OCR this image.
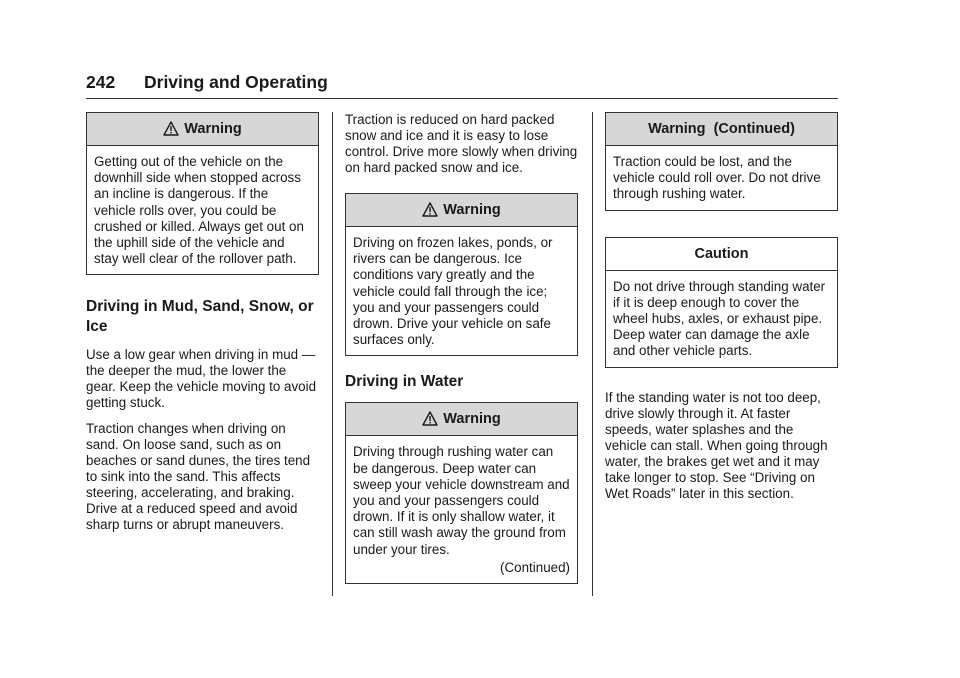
242 Driving and Operating
Warning

Getting out of the vehicle on the downhill side when stopped across an incline is dangerous. If the vehicle rolls over, you could be crushed or killed. Always get out on the uphill side of the vehicle and stay well clear of the rollover path.

Driving in Mud, Sand, Snow, or Ice

Use a low gear when driving in mud — the deeper the mud, the lower the gear. Keep the vehicle moving to avoid getting stuck.

Traction changes when driving on sand. On loose sand, such as on beaches or sand dunes, the tires tend to sink into the sand. This affects steering, accelerating, and braking. Drive at a reduced speed and avoid sharp turns or abrupt maneuvers.

Traction is reduced on hard packed snow and ice and it is easy to lose control. Drive more slowly when driving on hard packed snow and ice.

Warning

Driving on frozen lakes, ponds, or rivers can be dangerous. Ice conditions vary greatly and the vehicle could fall through the ice; you and your passengers could drown. Drive your vehicle on safe surfaces only.

Driving in Water
Warning

Driving through rushing water can be dangerous. Deep water can sweep your vehicle downstream and you and your passengers could drown. If it is only shallow water, it can still wash away the ground from under your tires.

(Continued)

Warning  (Continued)

Traction could be lost, and the vehicle could roll over. Do not drive through rushing water.

Caution

Do not drive through standing water if it is deep enough to cover the wheel hubs, axles, or exhaust pipe. Deep water can damage the axle and other vehicle parts.

If the standing water is not too deep, drive slowly through it. At faster speeds, water splashes and the vehicle can stall. When going through water, the brakes get wet and it may take longer to stop. See “Driving on Wet Roads” later in this section.
